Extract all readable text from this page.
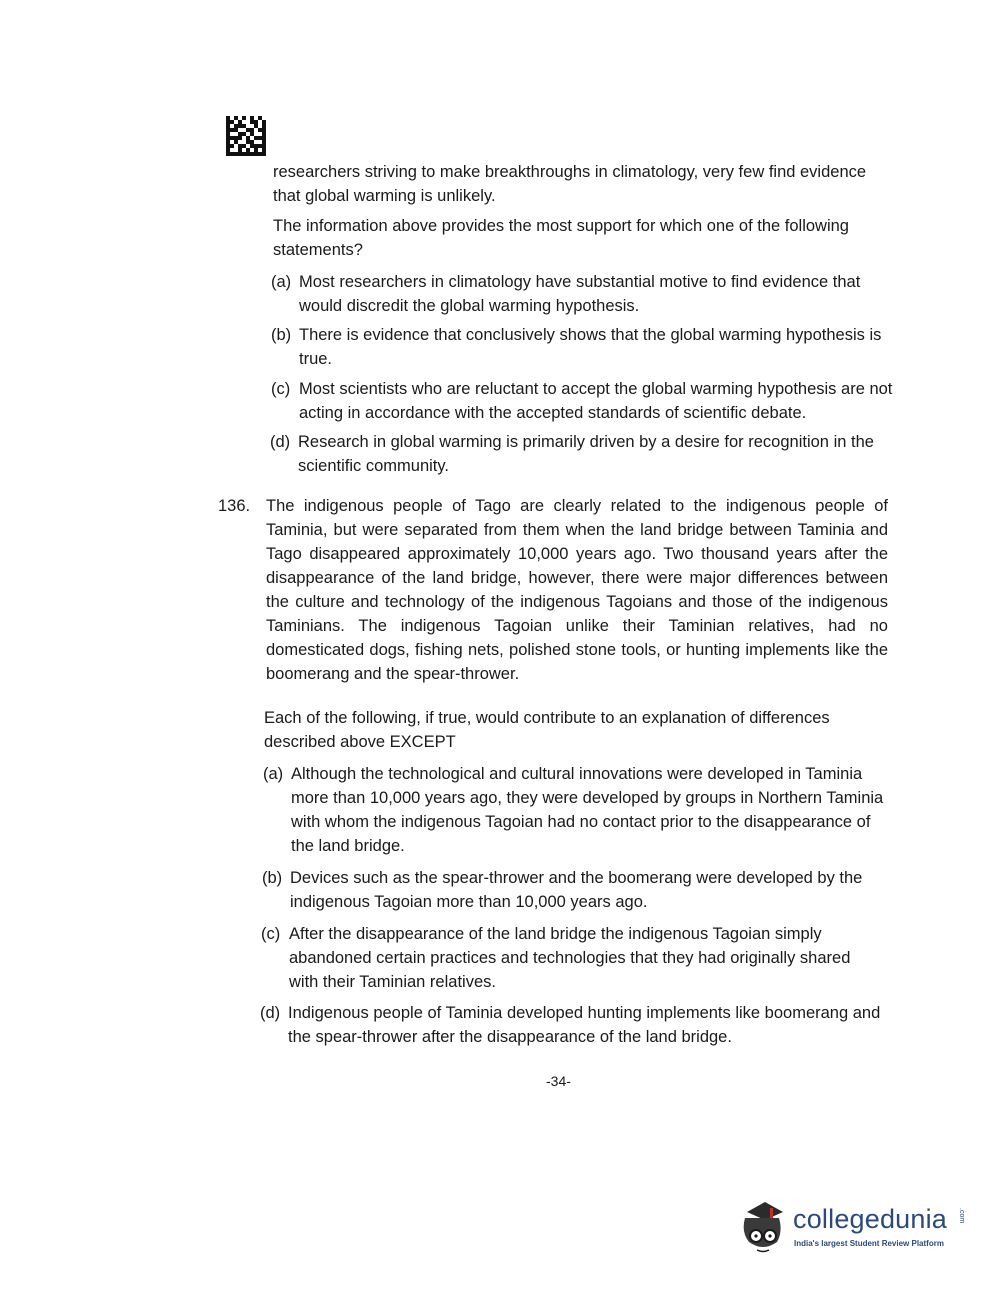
researchers striving to make breakthroughs in climatology, very few find evidence that global warming is unlikely.

The information above provides the most support for which one of the following statements?

(a) Most researchers in climatology have substantial motive to find evidence that would discredit the global warming hypothesis.
(b) There is evidence that conclusively shows that the global warming hypothesis is true.
(c) Most scientists who are reluctant to accept the global warming hypothesis are not acting in accordance with the accepted standards of scientific debate.
(d) Research in global warming is primarily driven by a desire for recognition in the scientific community.
136. The indigenous people of Tago are clearly related to the indigenous people of Taminia, but were separated from them when the land bridge between Taminia and Tago disappeared approximately 10,000 years ago. Two thousand years after the disappearance of the land bridge, however, there were major differences between the culture and technology of the indigenous Tagoians and those of the indigenous Taminians. The indigenous Tagoian unlike their Taminian relatives, had no domesticated dogs, fishing nets, polished stone tools, or hunting implements like the boomerang and the spear-thrower.

Each of the following, if true, would contribute to an explanation of differences described above EXCEPT

(a) Although the technological and cultural innovations were developed in Taminia more than 10,000 years ago, they were developed by groups in Northern Taminia with whom the indigenous Tagoian had no contact prior to the disappearance of the land bridge.
(b) Devices such as the spear-thrower and the boomerang were developed by the indigenous Tagoian more than 10,000 years ago.
(c) After the disappearance of the land bridge the indigenous Tagoian simply abandoned certain practices and technologies that they had originally shared with their Taminian relatives.
(d) Indigenous people of Taminia developed hunting implements like boomerang and the spear-thrower after the disappearance of the land bridge.
-34-
collegedunia .com
India's largest Student Review Platform
